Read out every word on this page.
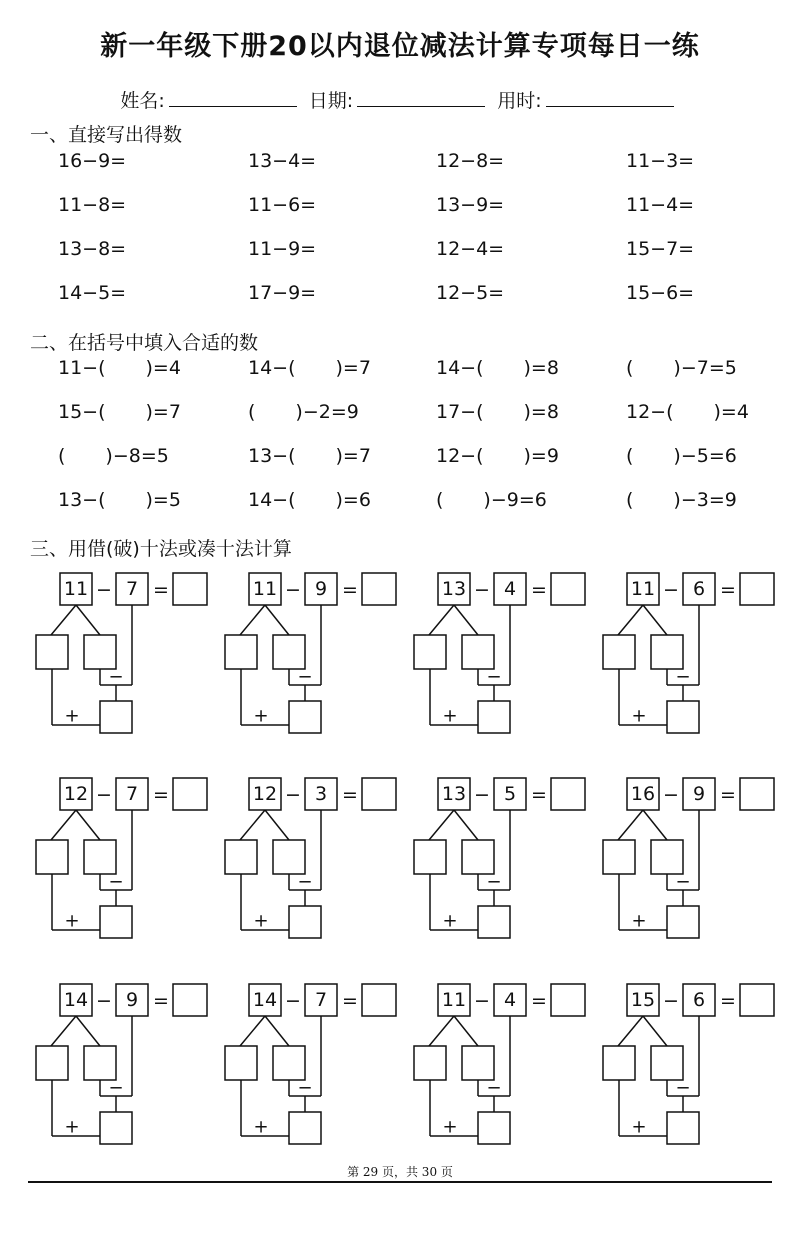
新一年级下册20以内退位减法计算专项每日一练
姓名:	日期:	用时:
一、直接写出得数
16−9=	13−4=	12−8=	11−3=
11−8=	11−6=	13−9=	11−4=
13−8=	11−9=	12−4=	15−7=
14−5=	17−9=	12−5=	15−6=
二、在括号中填入合适的数
11−( )=4	14−( )=7	14−( )=8	( )−7=5
15−( )=7	( )−2=9	17−( )=8	12−( )=4
( )−8=5	13−( )=7	12−( )=9	( )−5=6
13−( )=5	14−( )=6	( )−9=6	( )−3=9
三、用借(破)十法或凑十法计算
11 − 7 =
−
+
11 − 9 =
−
+
13 − 4 =
−
+
11 − 6 =
−
+
12 − 7 =
−
+
12 − 3 =
−
+
13 − 5 =
−
+
16 − 9 =
−
+
14 − 9 =
−
+
14 − 7 =
−
+
11 − 4 =
−
+
15 − 6 =
−
+
第 29 页，共 30 页
